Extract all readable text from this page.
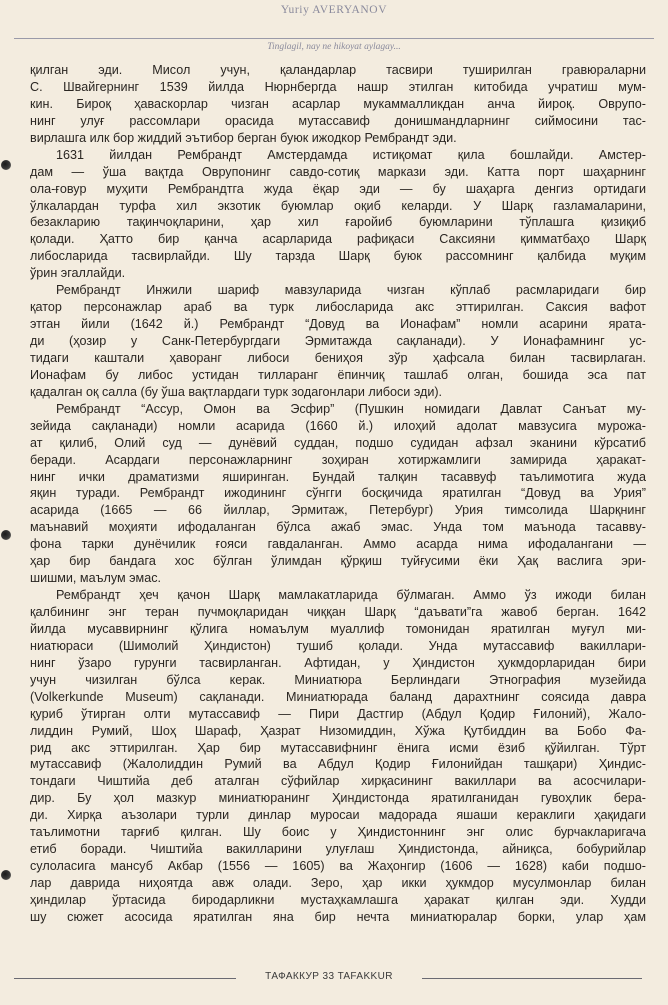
Yuriy AVERYANOV
Tinglagil, nay ne hikoyat aylagay...
қилган эди. Мисол учун, қаландарлар тасвири туширилган гравюраларни
С. Швайгернинг 1539 йилда Нюрнбергда нашр этилган китобида учратиш мум-
кин. Бироқ ҳаваскорлар чизган асарлар мукаммалликдан анча йироқ. Оврупо-
нинг улуғ рассомлари орасида мутассавиф донишмандларнинг сиймосини тас-
вирлашга илк бор жиддий эътибор берган буюк ижодкор Рембрандт эди.
1631 йилдан Рембрандт Амстердамда истиқомат қила бошлайди. Амстер-
дам — ўша вақтда Оврупонинг савдо-сотиқ маркази эди. Катта порт шаҳарнинг
ола-ғовур муҳити Рембрандтга жуда ёқар эди — бу шаҳарга денгиз ортидаги
ўлкалардан турфа хил экзотик буюмлар оқиб келарди. У Шарқ газламаларини,
безакларию тақинчоқларини, ҳар хил ғаройиб буюмларини тўплашга қизиқиб
қолади. Ҳатто бир қанча асарларида рафиқаси Саксияни қимматбаҳо Шарқ
либосларида тасвирлайди. Шу тарзда Шарқ буюк рассомнинг қалбида муқим
ўрин эгаллайди.
Рембрандт Инжили шариф мавзуларида чизган кўплаб расмларидаги бир
қатор персонажлар араб ва турк либосларида акс эттирилган. Саксия вафот
этган йили (1642 й.) Рембрандт “Довуд ва Ионафам” номли асарини ярата-
ди (ҳозир у Санк-Петербургдаги Эрмитажда сақланади). У Ионафамнинг ус-
тидаги каштали ҳаворанг либоси бениҳоя зўр ҳафсала билан тасвирлаган.
Ионафам бу либос устидан тилларанг ёпинчиқ ташлаб олган, бошида эса пат
қадалган оқ салла (бу ўша вақтлардаги турк зодагонлари либоси эди).
Рембрандт “Ассур, Омон ва Эсфир” (Пушкин номидаги Давлат Санъат му-
зейида сақланади) номли асарида (1660 й.) илоҳий адолат мавзусига мурожа-
ат қилиб, Олий суд — дунёвий суддан, подшо судидан афзал эканини кўрсатиб
беради. Асардаги персонажларнинг зоҳиран хотиржамлиги замирида ҳаракат-
нинг ички драматизми яширинган. Бундай талқин тасаввуф таълимотига жуда
яқин туради. Рембрандт ижодининг сўнгги босқичида яратилган “Довуд ва Урия”
асарида (1665 — 66 йиллар, Эрмитаж, Петербург) Урия тимсолида Шарқнинг
маънавий моҳияти ифодаланган бўлса ажаб эмас. Унда том маънода тасаввy-
фона тарки дунёчилик ғояси гавдаланган. Аммо асарда нима ифодалангани —
ҳар бир бандага хос бўлган ўлимдан қўрқиш туйғусими ёки Ҳақ васлига эри-
шишми, маълум эмас.
Рембрандт ҳеч қачон Шарқ мамлакатларида бўлмаган. Аммо ўз ижоди билан
қалбининг энг теран пучмоқларидан чиққан Шарқ “даъвати”га жавоб берган. 1642
йилда мусаввирнинг қўлига номаълум муаллиф томонидан яратилган муғул ми-
ниатюраси (Шимолий Ҳиндистон) тушиб қолади. Унда мутассавиф вакиллари-
нинг ўзаро гурунги тасвирланган. Афтидан, у Ҳиндистон ҳукмдорларидан бири
учун чизилган бўлса керак. Миниатюра Берлиндаги Этнография музейида
(Volkerkunde Museum) сақланади. Миниатюрада баланд дарахтнинг соясида давра
қуриб ўтирган олти мутассавиф — Пири Дастгир (Абдул Қодир Ғилоний), Жало-
лиддин Румий, Шоҳ Шараф, Ҳазрат Низомиддин, Хўжа Қутбиддин ва Бобо Фа-
рид акс эттирилган. Ҳар бир мутассавифнинг ёнига исми ёзиб қўйилган. Тўрт
мутассавиф (Жалолиддин Румий ва Абдул Қодир Ғилонийдан ташқари) Ҳиндис-
тондаги Чиштийа деб аталган сўфийлар хирқасининг вакиллари ва асосчилари-
дир. Бу ҳол мазкур миниатюранинг Ҳиндистонда яратилганидан гувоҳлик бера-
ди. Хирқа аъзолари турли динлар муросаи мадорада яшаши кераклиги ҳақидаги
таълимотни тарғиб қилган. Шу боис у Ҳиндистоннинг энг олис бурчакларигача
етиб боради. Чиштийа вакилларини улуғлаш Ҳиндистонда, айниқса, бобурийлар
сулоласига мансуб Акбар (1556 — 1605) ва Жаҳонгир (1606 — 1628) каби подшо-
лар даврида ниҳоятда авж олади. Зеро, ҳар икки ҳукмдор мусулмонлар билан
ҳиндилар ўртасида биродарликни мустаҳкамлашга ҳаракат қилган эди. Худди
шу сюжет асосида яратилган яна бир нечта миниатюралар борки, улар ҳам
ТАФАККУР 33 TAFAKKUR
